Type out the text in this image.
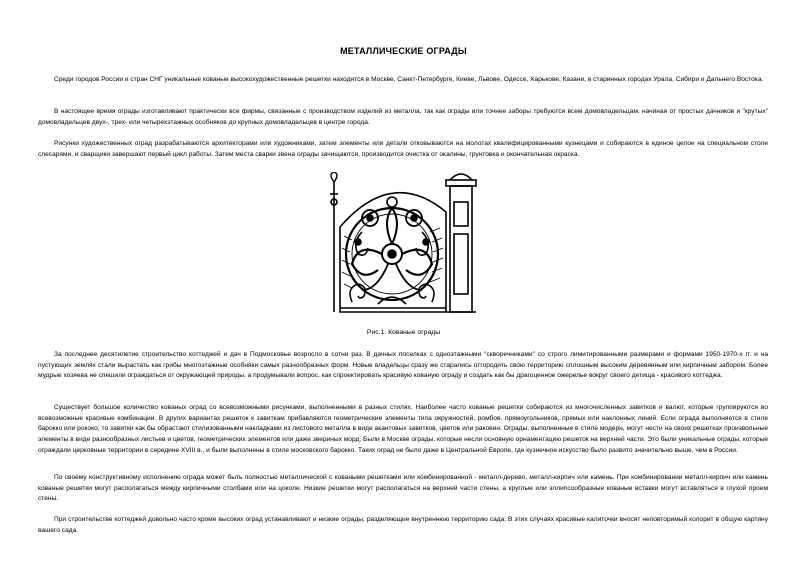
МЕТАЛЛИЧЕСКИЕ ОГРАДЫ

Среди городов России и стран СНГ уникальные кованые высокохудожественные решетки находятся в Москве, Санкт-Петербурге, Киеве, Львове, Одессе, Харькове, Казани, в старинных городах Урала, Сибири и Дальнего Востока.

В настоящее время ограды изготавливают практически все фирмы, связанные с производством изделий из металла, так как ограды или точнее заборы требуются всем домовладельцам, начиная от простых дачников и "крутых" домовладельцев двух-, трех- или четырехэтажных особняков до крупных домовладельцев в центре города.

Рисунки художественных оград разрабатываются архитекторами или художниками, затем элементы или детали отковываются на молотах квалифицированными кузнецами и собираются в единое целое на специальном столе слесарями, и сварщики завершают первый цикл работы. Затем места сварки звена ограды зачищаются, производится очистка от окалины, грунтовка и окончательная окраска.

Рис.1. Кованые ограды

За последнее десятилетие строительство коттеджей и дач в Подмосковье возросло в сотни раз. В дачных поселках с одноэтажными "скворечниками" со строго лимитированными размерами и формами 1950-1970-х гг. и на пустующих землях стали вырастать как грибы многоэтажные особняки самых разнообразных форм. Новые владельцы сразу же старались отгородить свою территорию сплошным высоким деревянным или кирпичным забором. Более мудрые хозяева не спешили ограждаться от окружающей природы, а продумывали вопрос, как спроектировать красивую кованую ограду и создать как бы драгоценное ожерелье вокруг своего детища - красивого коттеджа.

Существует большое количество кованых оград со всевозможными рисунками, выполненными в разных стилях. Наиболее часто кованые решетки собираются из многочисленных завитков и валют, которые группируются во всевозможные красивые комбинации. В других вариантах решеток к завиткам прибавляются геометрические элементы типа окружностей, ромбов, прямоугольников, прямых или наклонных линий. Если ограда выполняется в стиле барокко или рококо, то завитки как бы обрастают стилизованными накладками из листового металла в виде акантовых завитков, цветов или раковин. Ограды, выполненные в стиле модерн, могут нести на своих решетках произвольные элементы в виде разнообразных листьев и цветов, геометрических элементов или даже звериных морд. Были в Москве ограды, которые несли основную орнаментацию решеток на верхней части. Это были уникальные ограды, которые ограждали церковные территории в середине XVIII в., и были выполнены в стиле московского барокко. Таких оград не было даже в Центральной Европе, где кузнечное искусство было развито значительно выше, чем в России.

По своему конструктивному исполнению ограда может быть полностью металлической с коваными решетками или комбинированной - металл-дерево, металл-кирпич или камень. При комбинировании металл-кирпич или камень кованые решетки могут располагаться между кирпичными столбами или на цоколе. Низкие решетки могут располагаться на верхней части стены, а круглые или эллипсообразные кованые вставки могут вставляться в глухой проем стены.

При строительстве коттеджей довольно часто кроме высоких оград устанавливают и низкие ограды, разделяющие внутреннюю территорию сада. В этих случаях красивые калиточки вносят неповторимый колорит в общую картину вашего сада.
